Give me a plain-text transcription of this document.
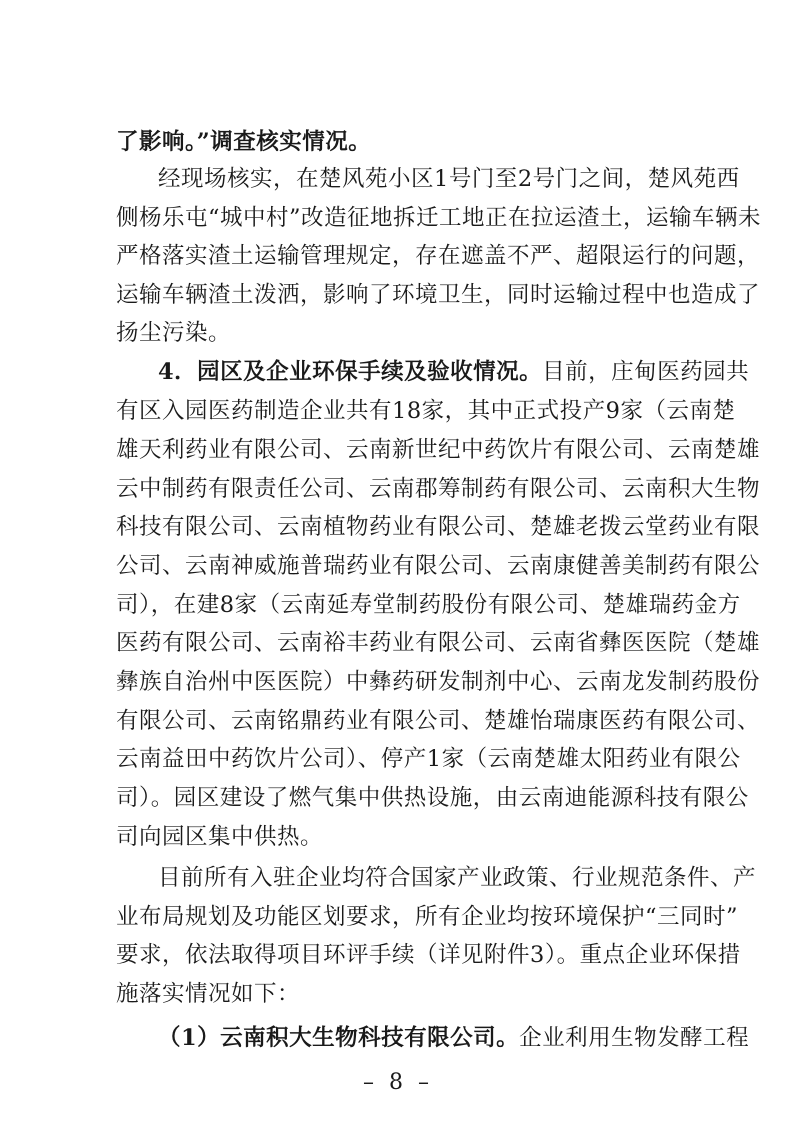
了影响。”调查核实情况。
经现场核实，在楚风苑小区1号门至2号门之间，楚风苑西
侧杨乐屯“城中村”改造征地拆迁工地正在拉运渣土，运输车辆未
严格落实渣土运输管理规定，存在遮盖不严、超限运行的问题，
运输车辆渣土泼洒，影响了环境卫生，同时运输过程中也造成了
扬尘污染。
4．园区及企业环保手续及验收情况。目前，庄甸医药园共
有区入园医药制造企业共有18家，其中正式投产9家（云南楚
雄天利药业有限公司、云南新世纪中药饮片有限公司、云南楚雄
云中制药有限责任公司、云南郡筹制药有限公司、云南积大生物
科技有限公司、云南植物药业有限公司、楚雄老拨云堂药业有限
公司、云南神威施普瑞药业有限公司、云南康健善美制药有限公
司），在建8家（云南延寿堂制药股份有限公司、楚雄瑞药金方
医药有限公司、云南裕丰药业有限公司、云南省彝医医院（楚雄
彝族自治州中医医院）中彝药研发制剂中心、云南龙发制药股份
有限公司、云南铭鼎药业有限公司、楚雄怡瑞康医药有限公司、
云南益田中药饮片公司）、停产1家（云南楚雄太阳药业有限公
司）。园区建设了燃气集中供热设施，由云南迪能源科技有限公
司向园区集中供热。
目前所有入驻企业均符合国家产业政策、行业规范条件、产
业布局规划及功能区划要求，所有企业均按环境保护“三同时”
要求，依法取得项目环评手续（详见附件3）。重点企业环保措
施落实情况如下：
（1）云南积大生物科技有限公司。企业利用生物发酵工程
– 8 –
